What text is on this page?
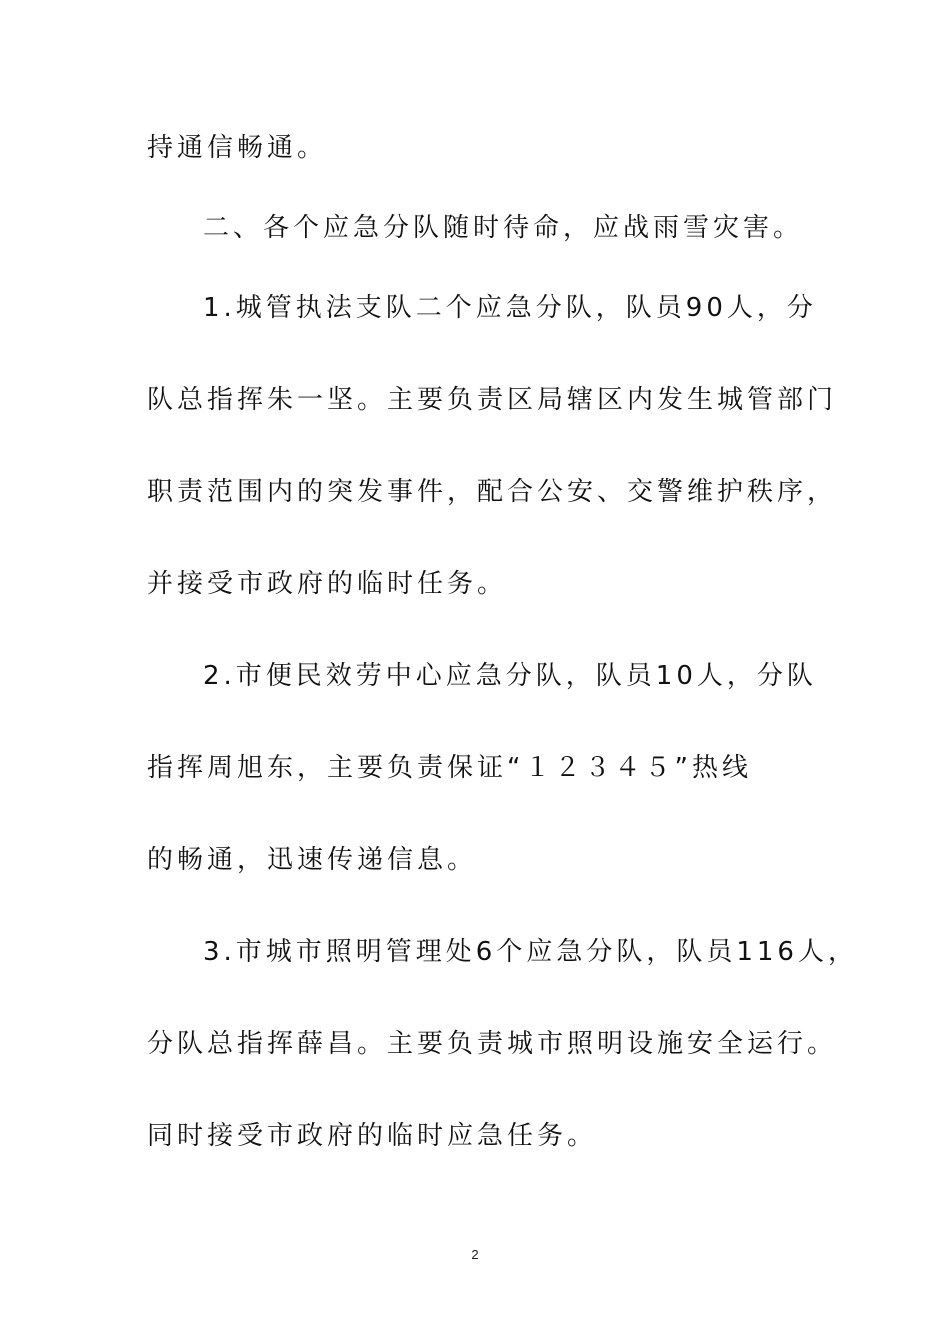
持通信畅通。
二、各个应急分队随时待命，应战雨雪灾害。
1.城管执法支队二个应急分队，队员90人，分
队总指挥朱一坚。主要负责区局辖区内发生城管部门
职责范围内的突发事件，配合公安、交警维护秩序，
并接受市政府的临时任务。
2.市便民效劳中心应急分队，队员10人，分队
指挥周旭东，主要负责保证“１２３４５”热线
的畅通，迅速传递信息。
3.市城市照明管理处6个应急分队，队员116人，
分队总指挥薛昌。主要负责城市照明设施安全运行。
同时接受市政府的临时应急任务。
2
